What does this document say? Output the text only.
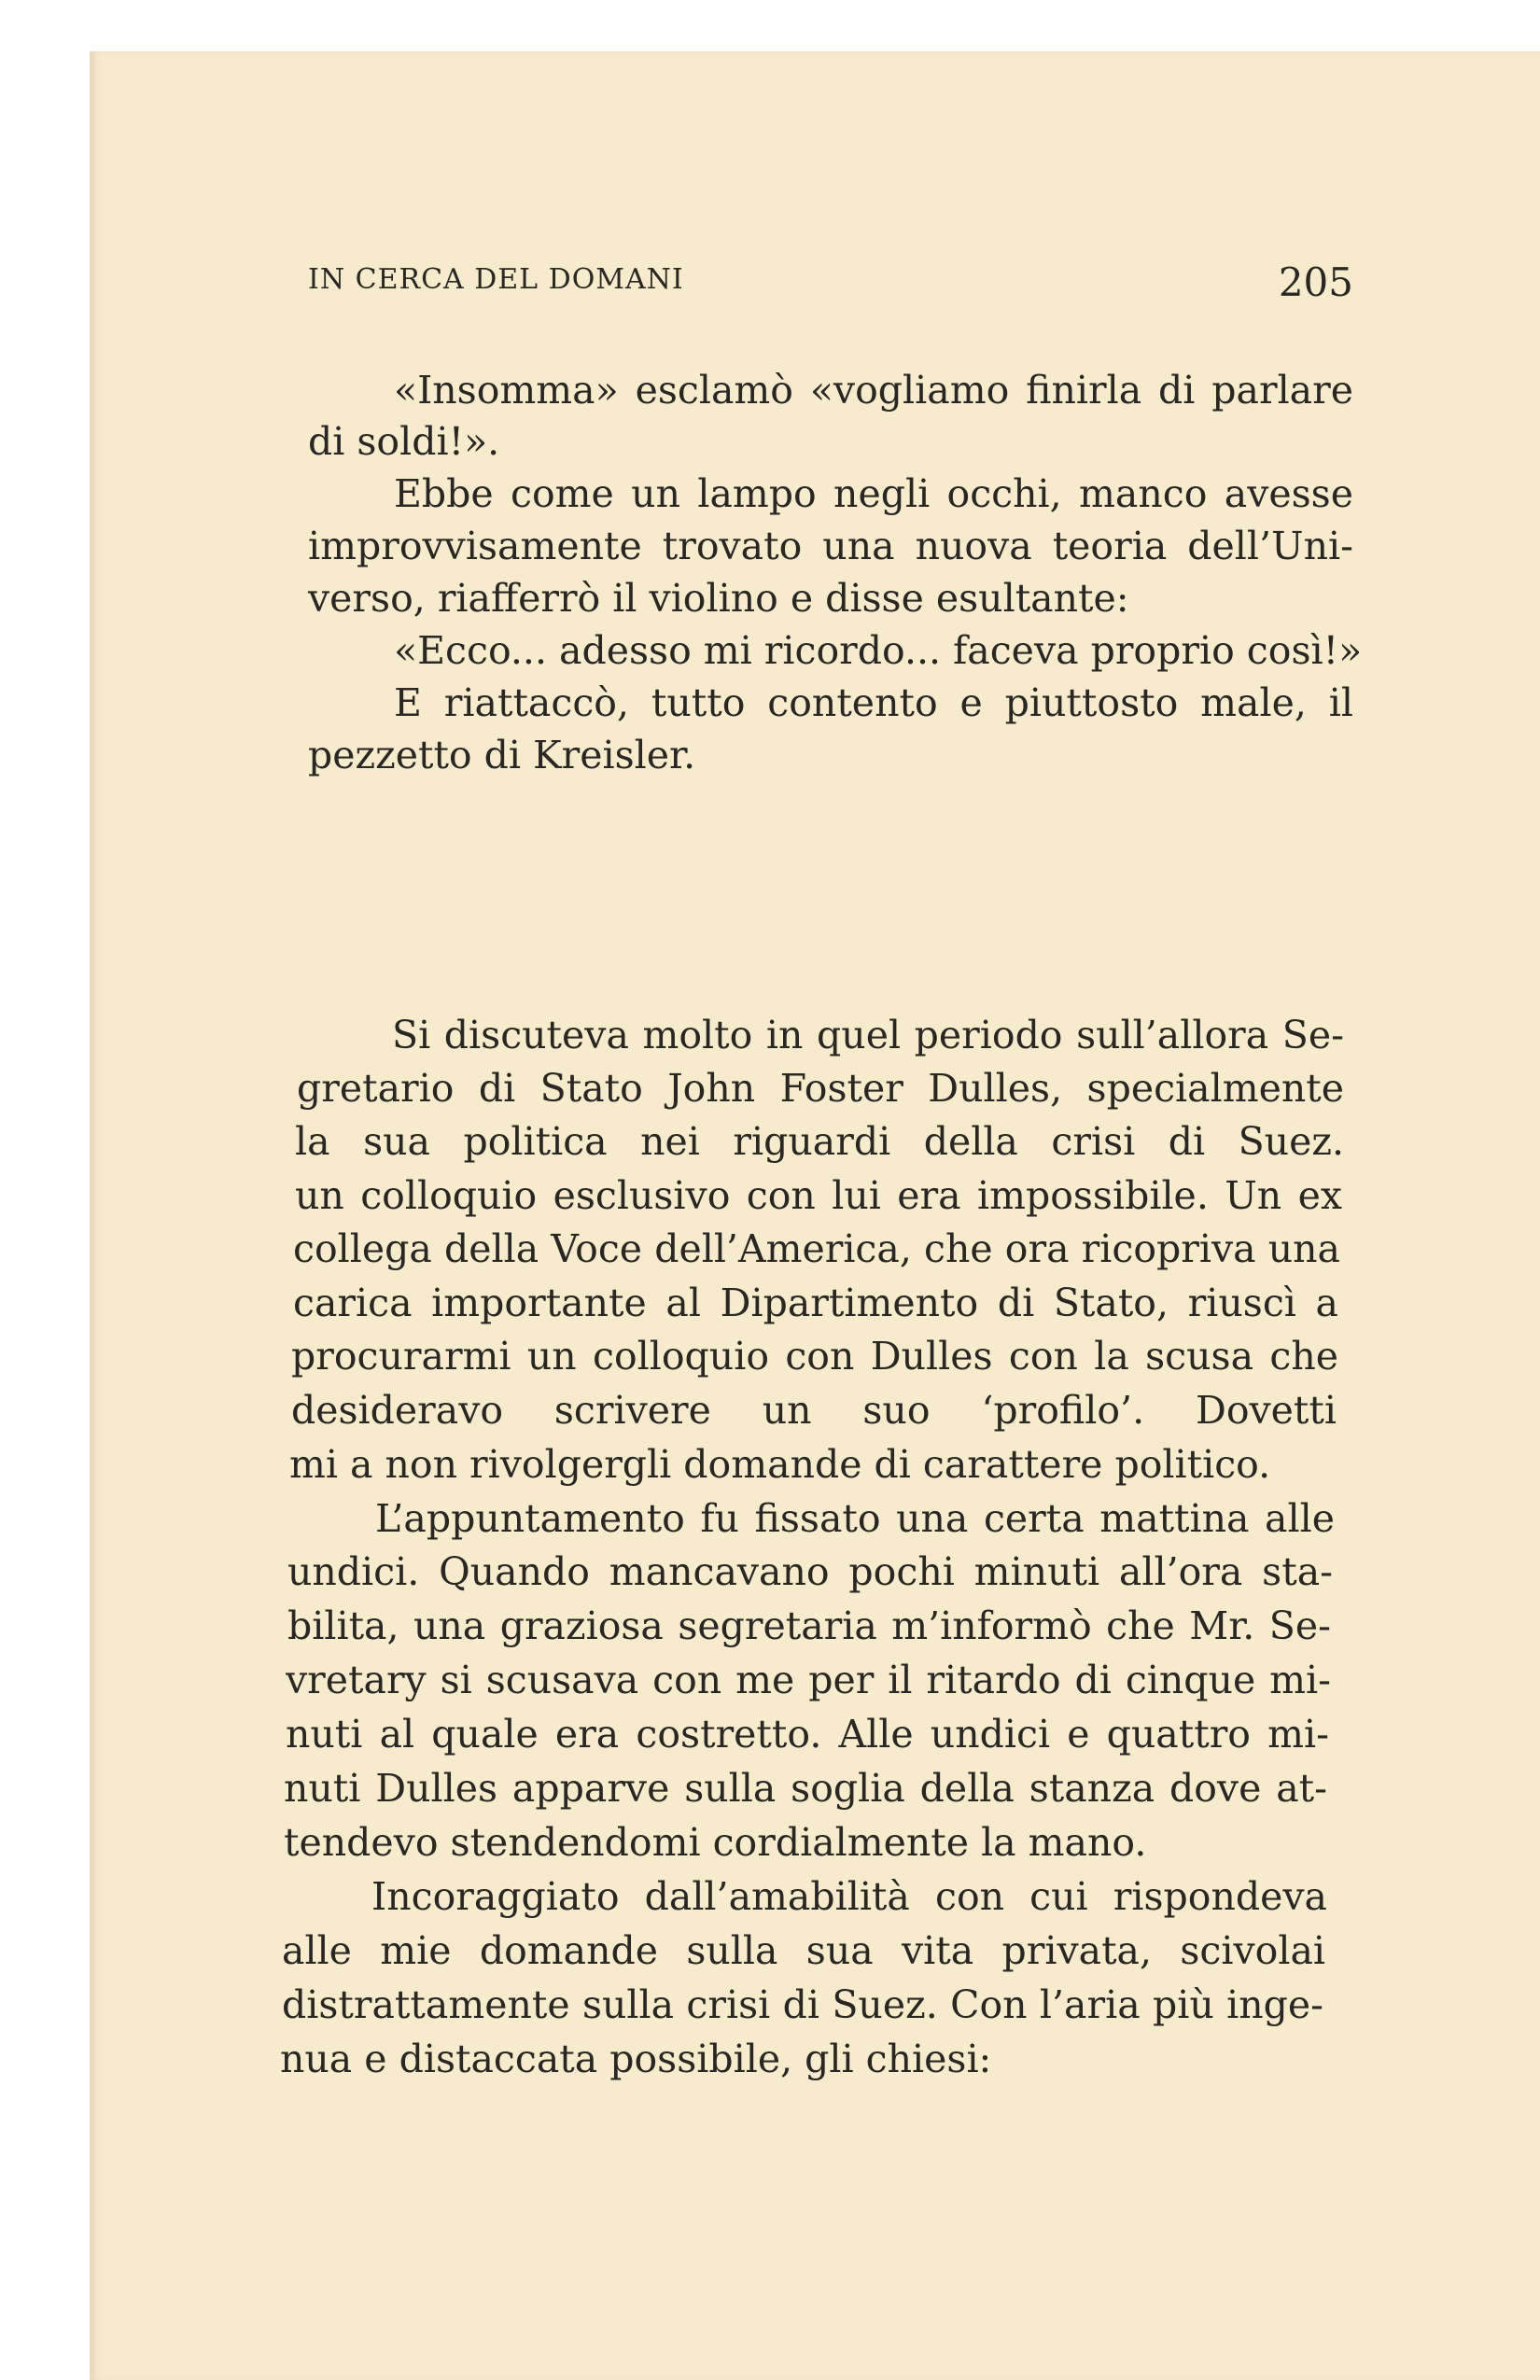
IN CERCA DEL DOMANI	205
«Insomma» esclamò «vogliamo finirla di parlare
di soldi!».
Ebbe come un lampo negli occhi, manco avesse
improvvisamente trovato una nuova teoria dell’Uni-
verso, riafferrò il violino e disse esultante:
«Ecco... adesso mi ricordo... faceva proprio così!»
E riattaccò, tutto contento e piuttosto male, il
pezzetto di Kreisler.
Si discuteva molto in quel periodo sull’allora Se-
gretario di Stato John Foster Dulles, specialmente
la sua politica nei riguardi della crisi di Suez.
un colloquio esclusivo con lui era impossibile. Un ex
collega della Voce dell’America, che ora ricopriva una
carica importante al Dipartimento di Stato, riuscì a
procurarmi un colloquio con Dulles con la scusa che
desideravo scrivere un suo ‘profilo’. Dovetti
mi a non rivolgergli domande di carattere politico.
L’appuntamento fu fissato una certa mattina alle
undici. Quando mancavano pochi minuti all’ora sta-
bilita, una graziosa segretaria m’informò che Mr. Se-
vretary si scusava con me per il ritardo di cinque mi-
nuti al quale era costretto. Alle undici e quattro mi-
nuti Dulles apparve sulla soglia della stanza dove at-
tendevo stendendomi cordialmente la mano.
Incoraggiato dall’amabilità con cui rispondeva
alle mie domande sulla sua vita privata, scivolai
distrattamente sulla crisi di Suez. Con l’aria più inge-
nua e distaccata possibile, gli chiesi:
